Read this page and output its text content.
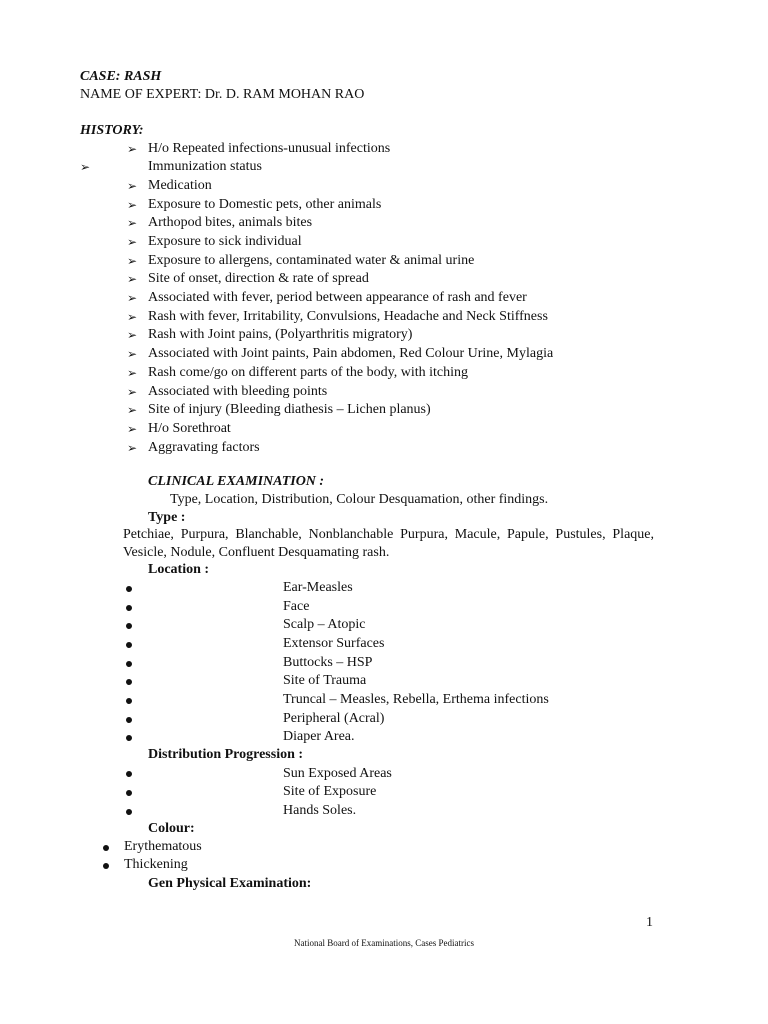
CASE: RASH
NAME OF EXPERT: Dr. D. RAM MOHAN RAO
HISTORY:
➢ H/o Repeated infections-unusual infections
➢	Immunization status
➢ Medication
➢ Exposure to Domestic pets, other animals
➢ Arthopod bites, animals bites
➢ Exposure to sick individual
➢ Exposure to allergens, contaminated water & animal urine
➢ Site of onset, direction & rate of spread
➢ Associated with fever, period between appearance of rash and fever
➢ Rash with fever, Irritability, Convulsions, Headache and Neck Stiffness
➢ Rash with Joint pains, (Polyarthritis migratory)
➢ Associated with Joint paints, Pain abdomen, Red Colour Urine, Mylagia
➢ Rash come/go on different parts of the body, with itching
➢ Associated with bleeding points
➢ Site of injury (Bleeding diathesis – Lichen planus)
➢ H/o Sorethroat
➢ Aggravating factors
CLINICAL EXAMINATION :
Type, Location, Distribution, Colour Desquamation, other findings.
Type :
Petchiae, Purpura, Blanchable, Nonblanchable Purpura, Macule, Papule, Pustules, Plaque, Vesicle, Nodule, Confluent Desquamating rash.
Location :
Ear-Measles
Face
Scalp – Atopic
Extensor Surfaces
Buttocks – HSP
Site of Trauma
Truncal – Measles, Rebella, Erthema infections
Peripheral (Acral)
Diaper Area.
Distribution Progression :
Sun Exposed Areas
Site of Exposure
Hands Soles.
Colour:
Erythematous
Thickening
Gen Physical Examination:
1
National Board of Examinations, Cases Pediatrics
